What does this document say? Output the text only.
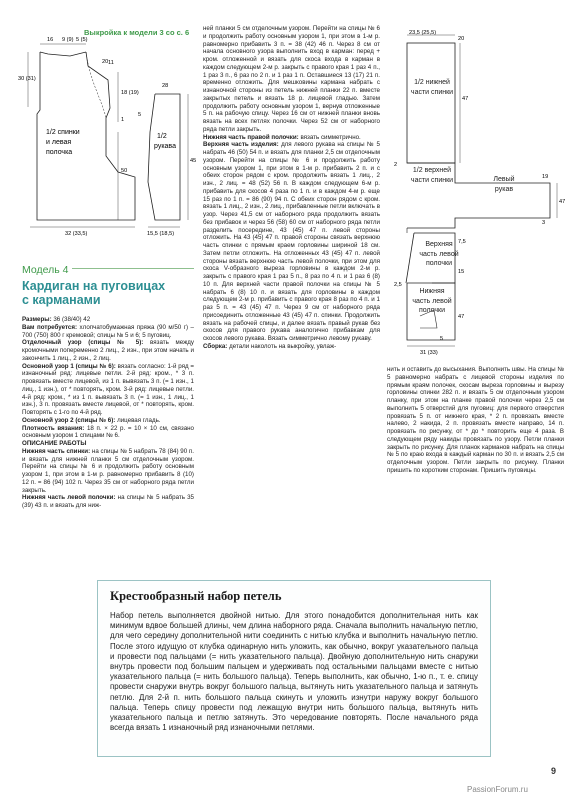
16 9 (9) 5 (5)
20
30 (31)
11
18 (19)
1
5
28
50
45
32 (33,5)	15,5 (18,5)
1/2 спинки
и левая
полочка
1/2
рукава
Выкройка к модели 3 со с. 6
Модель 4
Кардиган на пуговицах
с карманами

Размеры: 36 (38/40) 42

Вам потребуется: хлопчатобумажная пряжа (90 м/50 г) – 700 (750) 800 г кремовой; спицы № 5 и 6; 5 пуговиц.

Отделочный узор (спицы № 5): вязать между кромочными попеременно 2 лиц., 2 изн., при этом начать и закончить 1 лиц., 2 изн., 2 лиц.

Основной узор 1 (спицы № 6): вязать согласно: 1-й ряд = изнаночный ряд: лицевые петли. 2-й ряд: кром., * 3 п. провязать вместе лицевой, из 1 п. вывязать 3 п. (= 1 изн., 1 лиц., 1 изн.), от * повторять, кром. 3-й ряд: лицевые петли. 4-й ряд: кром., * из 1 п. вывязать 3 п. (= 1 изн., 1 лиц., 1 изн.), 3 п. провязать вместе лицевой, от * повторять, кром. Повторять с 1-го по 4-й ряд.

Основной узор 2 (спицы № 6): лицевая гладь.

Плотность вязания: 18 п. × 22 р. = 10 × 10 см, связано основным узором 1 спицами № 6.

ОПИСАНИЕ РАБОТЫ

Нижняя часть спинки: на спицы № 5 набрать 78 (84) 90 п. и вязать для нижней планки 5 см отделочным узором. Перейти на спицы № 6 и продолжить работу основным узором 1, при этом в 1-м р. равномерно прибавить 8 (10) 12 п. = 86 (94) 102 п. Через 35 см от наборного ряда петли закрыть.

Нижняя часть левой полочки: на спицы № 5 набрать 35 (39) 43 п. и вязать для ниж-

ней планки 5 см отделочным узором. Перейти на спицы № 6 и продолжить работу основным узором 1, при этом в 1-м р. равномерно прибавить 3 п. = 38 (42) 46 п. Через 8 см от начала основного узора выполнить вход в карман: перед + кром. отложенной и вязать для скоса входа в карман в каждом следующем 2-м р. закрыть с правого края 1 раз 4 п., 1 раз 3 п., 6 раз по 2 п. и 1 раз 1 п. Оставшиеся 13 (17) 21 п. временно отложить. Для мешковины кармана набрать с изнаночной стороны из петель нижней планки 22 п. вместе закрытых петель и вязать 18 р. лицевой гладью. Затем продолжить работу основным узором 1, вернув отложенные 5 п. на рабочую спицу. Через 16 см от нижней планки вновь вязать на всех петлях полочки. Через 52 см от наборного ряда петли закрыть.

Нижняя часть правой полочки: вязать симметрично.

Верхняя часть изделия: для левого рукава на спицы № 5 набрать 46 (50) 54 п. и вязать для планки 2,5 см отделочным узором. Перейти на спицы № 6 и продолжить работу основным узором 1, при этом в 1-м р. прибавить 2 п. и с обеих сторон рядом с кром. продолжить вязать 1 лиц., 2 изн., 2 лиц. = 48 (52) 56 п. В каждом следующем 6-м р. прибавить для скосов 4 раза по 1 п. и в каждом 4-м р. еще 15 раз по 1 п. = 86 (90) 94 п. С обеих сторон рядом с кром. вязать 1 лиц., 2 изн., 2 лиц., прибавленные петли включать в узор. Через 41,5 см от наборного ряда продолжить вязать без прибавок и через 56 (58) 60 см от наборного ряда петли разделить посередине, 43 (45) 47 п. левой стороны отложить. На 43 (45) 47 п. правой стороны связать верхнюю часть спинки с прямым краем горловины шириной 18 см. Затем петли отложить. На отложенных 43 (45) 47 п. левой стороны вязать верхнюю часть левой полочки, при этом для скоса V-образного выреза горловины в каждом 2-м р. закрыть с правого края 1 раз 5 п., 8 раз по 4 п. и 1 раз 6 (8) 10 п. Для верхней части правой полочки на спицы № 5 набрать 6 (8) 10 п. и вязать для горловины в каждом следующем 2-м р. прибавить с правого края 8 раз по 4 п. и 1 раз 5 п. = 43 (45) 47 п. Через 9 см от наборного ряда присоединить отложенные 43 (45) 47 п. спинки. Продолжить вязать на рабочей спицы, и далее вязать правый рукав без скосов для правого рукава аналогично прибавкам для скосов левого рукава. Вязать симметрично левому рукаву.

Сборка: детали наколоть на выкройку, увлаж-

23,5 (25,5)
20
47
2
19
3
47
7,5
15
47
31 (33)
5
2,5
1/2 нижней части спинки
1/2 верхней части спинки	Левый рукав
Верхняя часть левой полочки
Нижняя часть левой полочки

нить и оставить до высыхания. Выполнить швы. На спицы № 5 равномерно набрать с лицевой стороны изделия по прямым краям полочек, скосам выреза горловины и вырезу горловины спинки 282 п. и вязать 5 см отделочным узором планку, при этом на планке правой полочки через 2,5 см выполнить 5 отверстий для пуговиц: для первого отверстия провязать 5 п. от нижнего края, * 2 п. провязать вместе налево, 2 накида, 2 п. провязать вместе направо, 14 п. провязать по рисунку, от * до * повторить еще 4 раза. В следующем ряду накиды провязать по узору. Петли планки закрыть по рисунку. Для планок карманов набрать на спицы № 5 по краю входа в каждый карман по 30 п. и вязать 2,5 см отделочным узором. Петли закрыть по рисунку. Планки пришить по коротким сторонам. Пришить пуговицы.

Крестообразный набор петель
Набор петель выполняется двойной нитью. Для этого понадобится дополнительная нить как минимум вдвое большей длины, чем длина наборного ряда. Сначала выполнить начальную петлю, для чего середину дополнительной нити соединить с нитью клубка и выполнить начальную петлю. После этого идущую от клубка одинарную нить уложить, как обычно, вокруг указательного пальца и провести под пальцами (= нить указательного пальца). Двойную дополнительную нить снаружи внутрь провести под большим пальцем и удерживать под остальными пальцами вместе с нитью указательного пальца (= нить большого пальца). Теперь выполнить, как обычно, 1-ю п., т. е. спицу провести снаружи внутрь вокруг большого пальца, вытянуть нить указательного пальца и затянуть петлю. Для 2-й п. нить большого пальца скинуть и уложить изнутри наружу вокруг большого пальца. Теперь спицу провести под лежащую внутри нить большого пальца, вытянуть нить указательного пальца и петлю затянуть. Это чередование повторять. После начального ряда всегда вязать 1 изнаночный ряд изнаночными петлями.
9
PassionForum.ru
